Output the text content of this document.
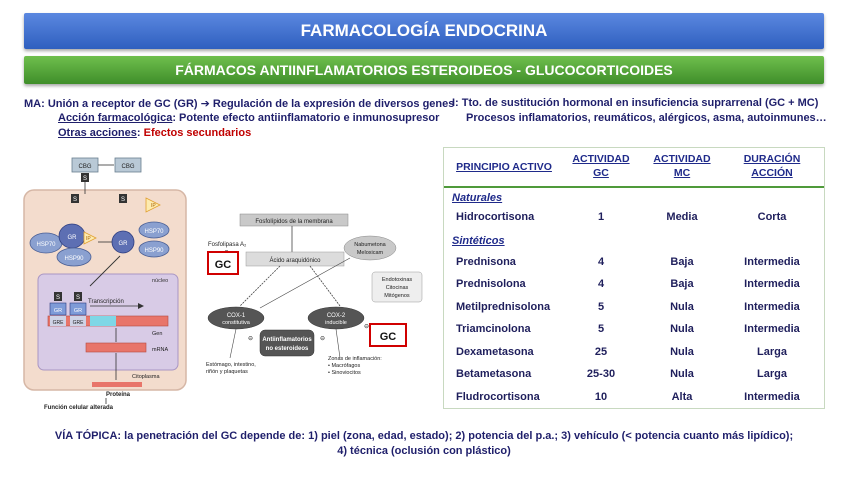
FARMACOLOGÍA ENDOCRINA
FÁRMACOS ANTIINFLAMATORIOS ESTEROIDEOS - GLUCOCORTICOIDES
MA: Unión a receptor de GC (GR) ➔ Regulación de la expresión de diversos genes
Acción farmacológica: Potente efecto antiinflamatorio e inmunosupresor
Otras acciones: Efectos secundarios
I: Tto. de sustitución hormonal en insuficiencia suprarrenal (GC + MC)
Procesos inflamatorios, reumáticos, alérgicos, asma, autoinmunes…
CBG	CBG
S
S	S
IP
HSP70
GR
HSP90
IP
GR
HSP70
HSP90
núcleo
S	S
GR GR
Transcripción
GRE GRE
Gen
mRNA
Citoplasma
Proteína
Función celular alterada
Fosfolípidos de la membrana
Fosfolipasa A₂
GC	Ácido araquidónico
Nabumetona
Meloxicam
Endotoxinas
Citocinas
Mitógenos
COX-1
constitutiva
COX-2
inducible
⊖
GC
Antiinflamatorios
no esteroideos
⊖	⊖
Estómago, intestino,
riñón y plaquetas
Zonas de inflamación:
• Macrófagos
• Sinoviocitos
PRINCIPIO ACTIVO
ACTIVIDAD
GC
ACTIVIDAD
MC
DURACIÓN
ACCIÓN
Naturales
Hidrocortisona	1	Media	Corta
Sintéticos
Prednisona	4	Baja	Intermedia
Prednisolona	4	Baja	Intermedia
Metilprednisolona	5	Nula	Intermedia
Triamcinolona	5	Nula	Intermedia
Dexametasona	25	Nula	Larga
Betametasona	25-30	Nula	Larga
Fludrocortisona	10	Alta	Intermedia
VÍA TÓPICA: la penetración del GC depende de: 1) piel (zona, edad, estado); 2) potencia del p.a.; 3) vehículo (< potencia cuanto más lipídico);
4) técnica (oclusión con plástico)
